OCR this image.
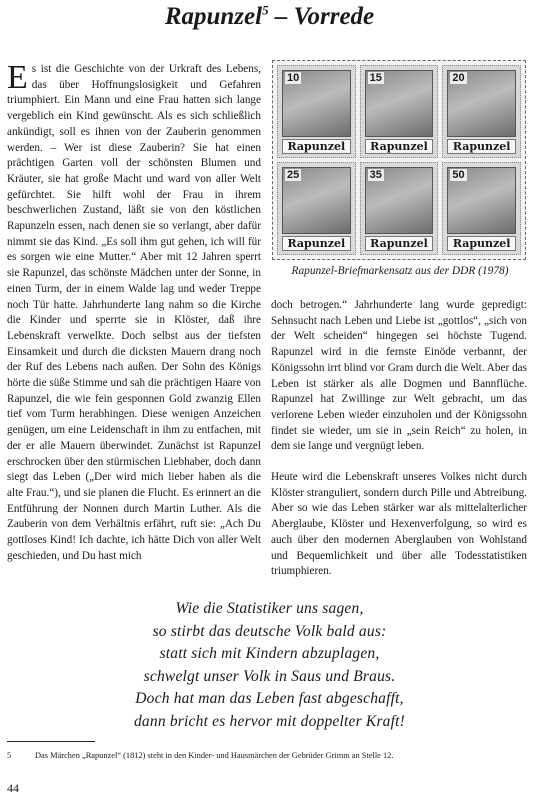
Rapunzel$^5$ – Vorrede

Es ist die Geschichte von der Urkraft des Lebens, das über Hoffnungslosigkeit und Gefahren triumphiert. Ein Mann und eine Frau hatten sich lange vergeblich ein Kind gewünscht. Als es sich schließlich ankündigt, soll es ihnen von der Zauberin genommen werden. – Wer ist diese Zauberin? Sie hat einen prächtigen Garten voll der schönsten Blumen und Kräuter, sie hat große Macht und ward von aller Welt gefürchtet. Sie hilft wohl der Frau in ihrem beschwerlichen Zustand, läßt sie von den köstlichen Rapunzeln essen, nach denen sie so verlangt, aber dafür nimmt sie das Kind. „Es soll ihm gut gehen, ich will für es sorgen wie eine Mutter.“ Aber mit 12 Jahren sperrt sie Rapunzel, das schönste Mädchen unter der Sonne, in einen Turm, der in einem Walde lag und weder Treppe noch Tür hatte. Jahrhunderte lang nahm so die Kirche die Kinder und sperrte sie in Klöster, daß ihre Lebenskraft verwelkte. Doch selbst aus der tiefsten Einsamkeit und durch die dicksten Mauern drang noch der Ruf des Lebens nach außen. Der Sohn des Königs hörte die süße Stimme und sah die prächtigen Haare von Rapunzel, die wie fein gesponnen Gold zwanzig Ellen tief vom Turm herabhingen. Diese wenigen Anzeichen genügen, um eine Leidenschaft in ihm zu entfachen, mit der er alle Mauern überwindet. Zunächst ist Rapunzel erschrocken über den stürmischen Liebhaber, doch dann siegt das Leben („Der wird mich lieber haben als die alte Frau.“), und sie planen die Flucht. Es erinnert an die Entführung der Nonnen durch Martin Luther. Als die Zauberin von dem Verhältnis erfährt, ruft sie: „Ach Du gottloses Kind! Ich dachte, ich hätte Dich von aller Welt geschieden, und Du hast mich

10
Rapunzel
15
Rapunzel
20
Rapunzel
25
Rapunzel
35
Rapunzel
50
Rapunzel
Rapunzel-Briefmarkensatz aus der DDR (1978)

doch betrogen.“ Jahrhunderte lang wurde gepredigt: Sehnsucht nach Leben und Liebe ist „gottlos“, „sich von der Welt scheiden“ hingegen sei höchste Tugend. Rapunzel wird in die fernste Einöde verbannt, der Königssohn irrt blind vor Gram durch die Welt. Aber das Leben ist stärker als alle Dogmen und Bannflüche. Rapunzel hat Zwillinge zur Welt gebracht, um das verlorene Leben wieder einzuholen und der Königssohn findet sie wieder, um sie in „sein Reich“ zu holen, in dem sie lange und vergnügt leben.

Heute wird die Lebenskraft unseres Volkes nicht durch Klöster stranguliert, sondern durch Pille und Abtreibung. Aber so wie das Leben stärker war als mittelalterlicher Aberglaube, Klöster und Hexenverfolgung, so wird es auch über den modernen Aberglauben von Wohlstand und Bequemlichkeit und über alle Todesstatistiken triumphieren.

Wie die Statistiker uns sagen,
so stirbt das deutsche Volk bald aus:
statt sich mit Kindern abzuplagen,
schwelgt unser Volk in Saus und Braus.
Doch hat man das Leben fast abgeschafft,
dann bricht es hervor mit doppelter Kraft!
5	Das Märchen „Rapunzel“ (1812) steht in den Kinder- und Hausmärchen der Gebrüder Grimm an Stelle 12.
44
